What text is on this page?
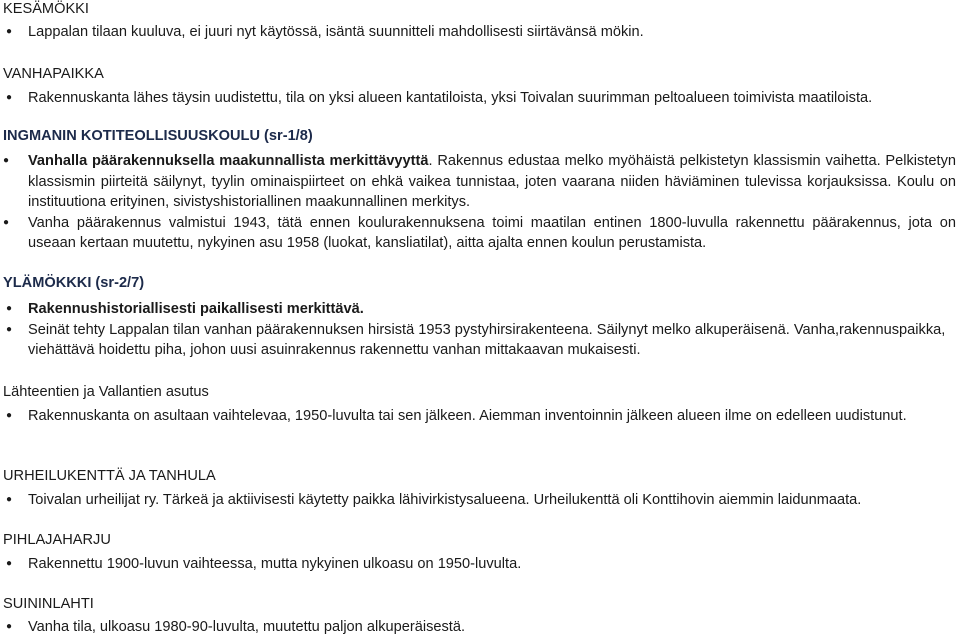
KESÄMÖKKI
● Lappalan tilaan kuuluva, ei juuri nyt käytössä, isäntä suunnitteli mahdollisesti siirtävänsä mökin.
VANHAPAIKKA
● Rakennuskanta lähes täysin uudistettu, tila on yksi alueen kantatiloista, yksi Toivalan suurimman peltoalueen toimivista maatiloista.
INGMANIN KOTITEOLLISUUSKOULU (sr-1/8)
●	Vanhalla päärakennuksella maakunnallista merkittävyyttä. Rakennus edustaa melko myöhäistä pelkistetyn klassismin vaihetta. Pelkistetyn klassismin piirteitä säilynyt, tyylin ominaispiirteet on ehkä vaikea tunnistaa, joten vaarana niiden häviäminen tulevissa korjauksissa. Koulu on instituutiona erityinen, sivistyshistoriallinen maakunnallinen merkitys.
●	Vanha päärakennus valmistui 1943, tätä ennen koulurakennuksena toimi maatilan entinen 1800-luvulla rakennettu päärakennus, jota on useaan kertaan muutettu, nykyinen asu 1958 (luokat, kansliatilat), aitta ajalta ennen koulun perustamista.
YLÄMÖKKKI (sr-2/7)
● Rakennushistoriallisesti paikallisesti merkittävä.
● Seinät tehty Lappalan tilan vanhan päärakennuksen hirsistä 1953 pystyhirsirakenteena. Säilynyt melko alkuperäisenä. Vanha,rakennuspaikka, viehättävä hoidettu piha, johon uusi asuinrakennus rakennettu vanhan mittakaavan mukaisesti.
Lähteentien ja Vallantien asutus
● Rakennuskanta on asultaan vaihtelevaa, 1950-luvulta tai sen jälkeen. Aiemman inventoinnin jälkeen alueen ilme on edelleen uudistunut.
URHEILUKENTTÄ JA TANHULA
● Toivalan urheilijat ry. Tärkeä ja aktiivisesti käytetty paikka lähivirkistysalueena. Urheilukenttä oli Konttihovin aiemmin laidunmaata.
PIHLAJAHARJU
● Rakennettu 1900-luvun vaihteessa, mutta nykyinen ulkoasu on 1950-luvulta.
SUININLAHTI
● Vanha tila, ulkoasu 1980-90-luvulta, muutettu paljon alkuperäisestä.
